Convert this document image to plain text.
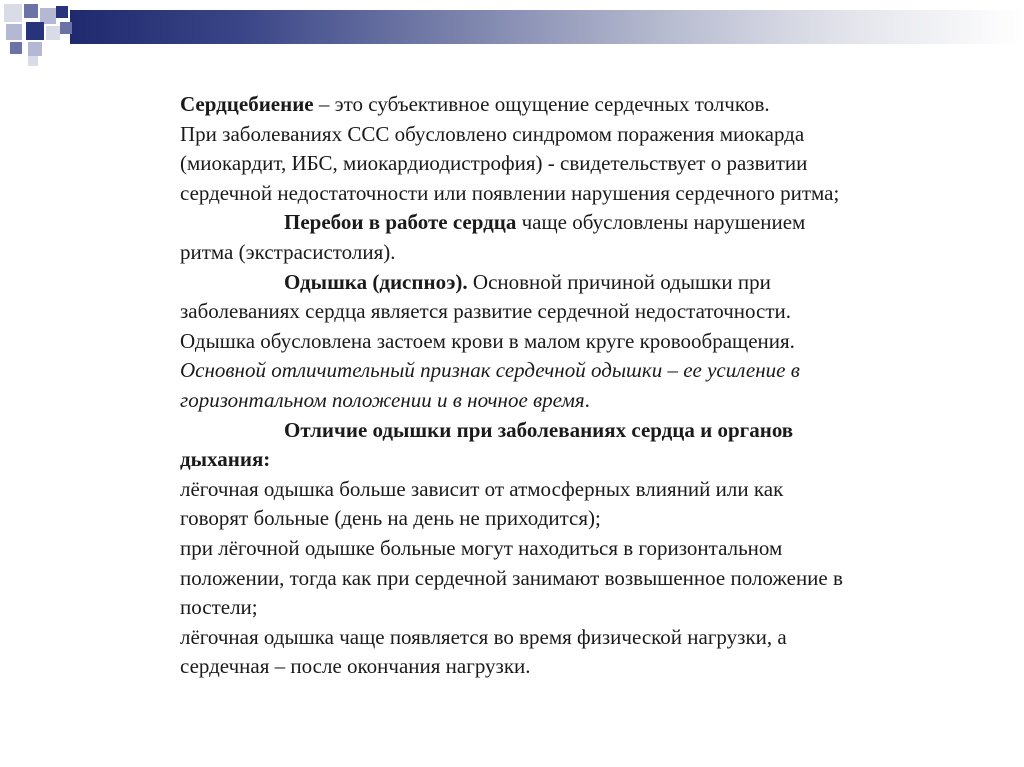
Сердцебиение – это субъективное ощущение сердечных толчков.

При заболеваниях ССС обусловлено синдромом поражения миокарда

(миокардит, ИБС, миокардиодистрофия) - свидетельствует о развитии

сердечной недостаточности или появлении нарушения сердечного ритма;

Перебои в работе сердца чаще обусловлены нарушением

ритма (экстрасистолия).

Одышка (диспноэ). Основной причиной одышки при

заболеваниях сердца является развитие сердечной недостаточности.

Одышка обусловлена застоем крови в малом круге кровообращения.

Основной отличительный признак сердечной одышки – ее усиление в

горизонтальном положении и в ночное время.

Отличие одышки при заболеваниях сердца и органов

дыхания:

лёгочная одышка больше зависит от атмосферных влияний или как

говорят больные (день на день не приходится);

при лёгочной одышке больные могут находиться в горизонтальном

положении, тогда как при сердечной занимают возвышенное положение в

постели;

лёгочная одышка чаще появляется во время физической нагрузки, а

сердечная – после окончания нагрузки.
